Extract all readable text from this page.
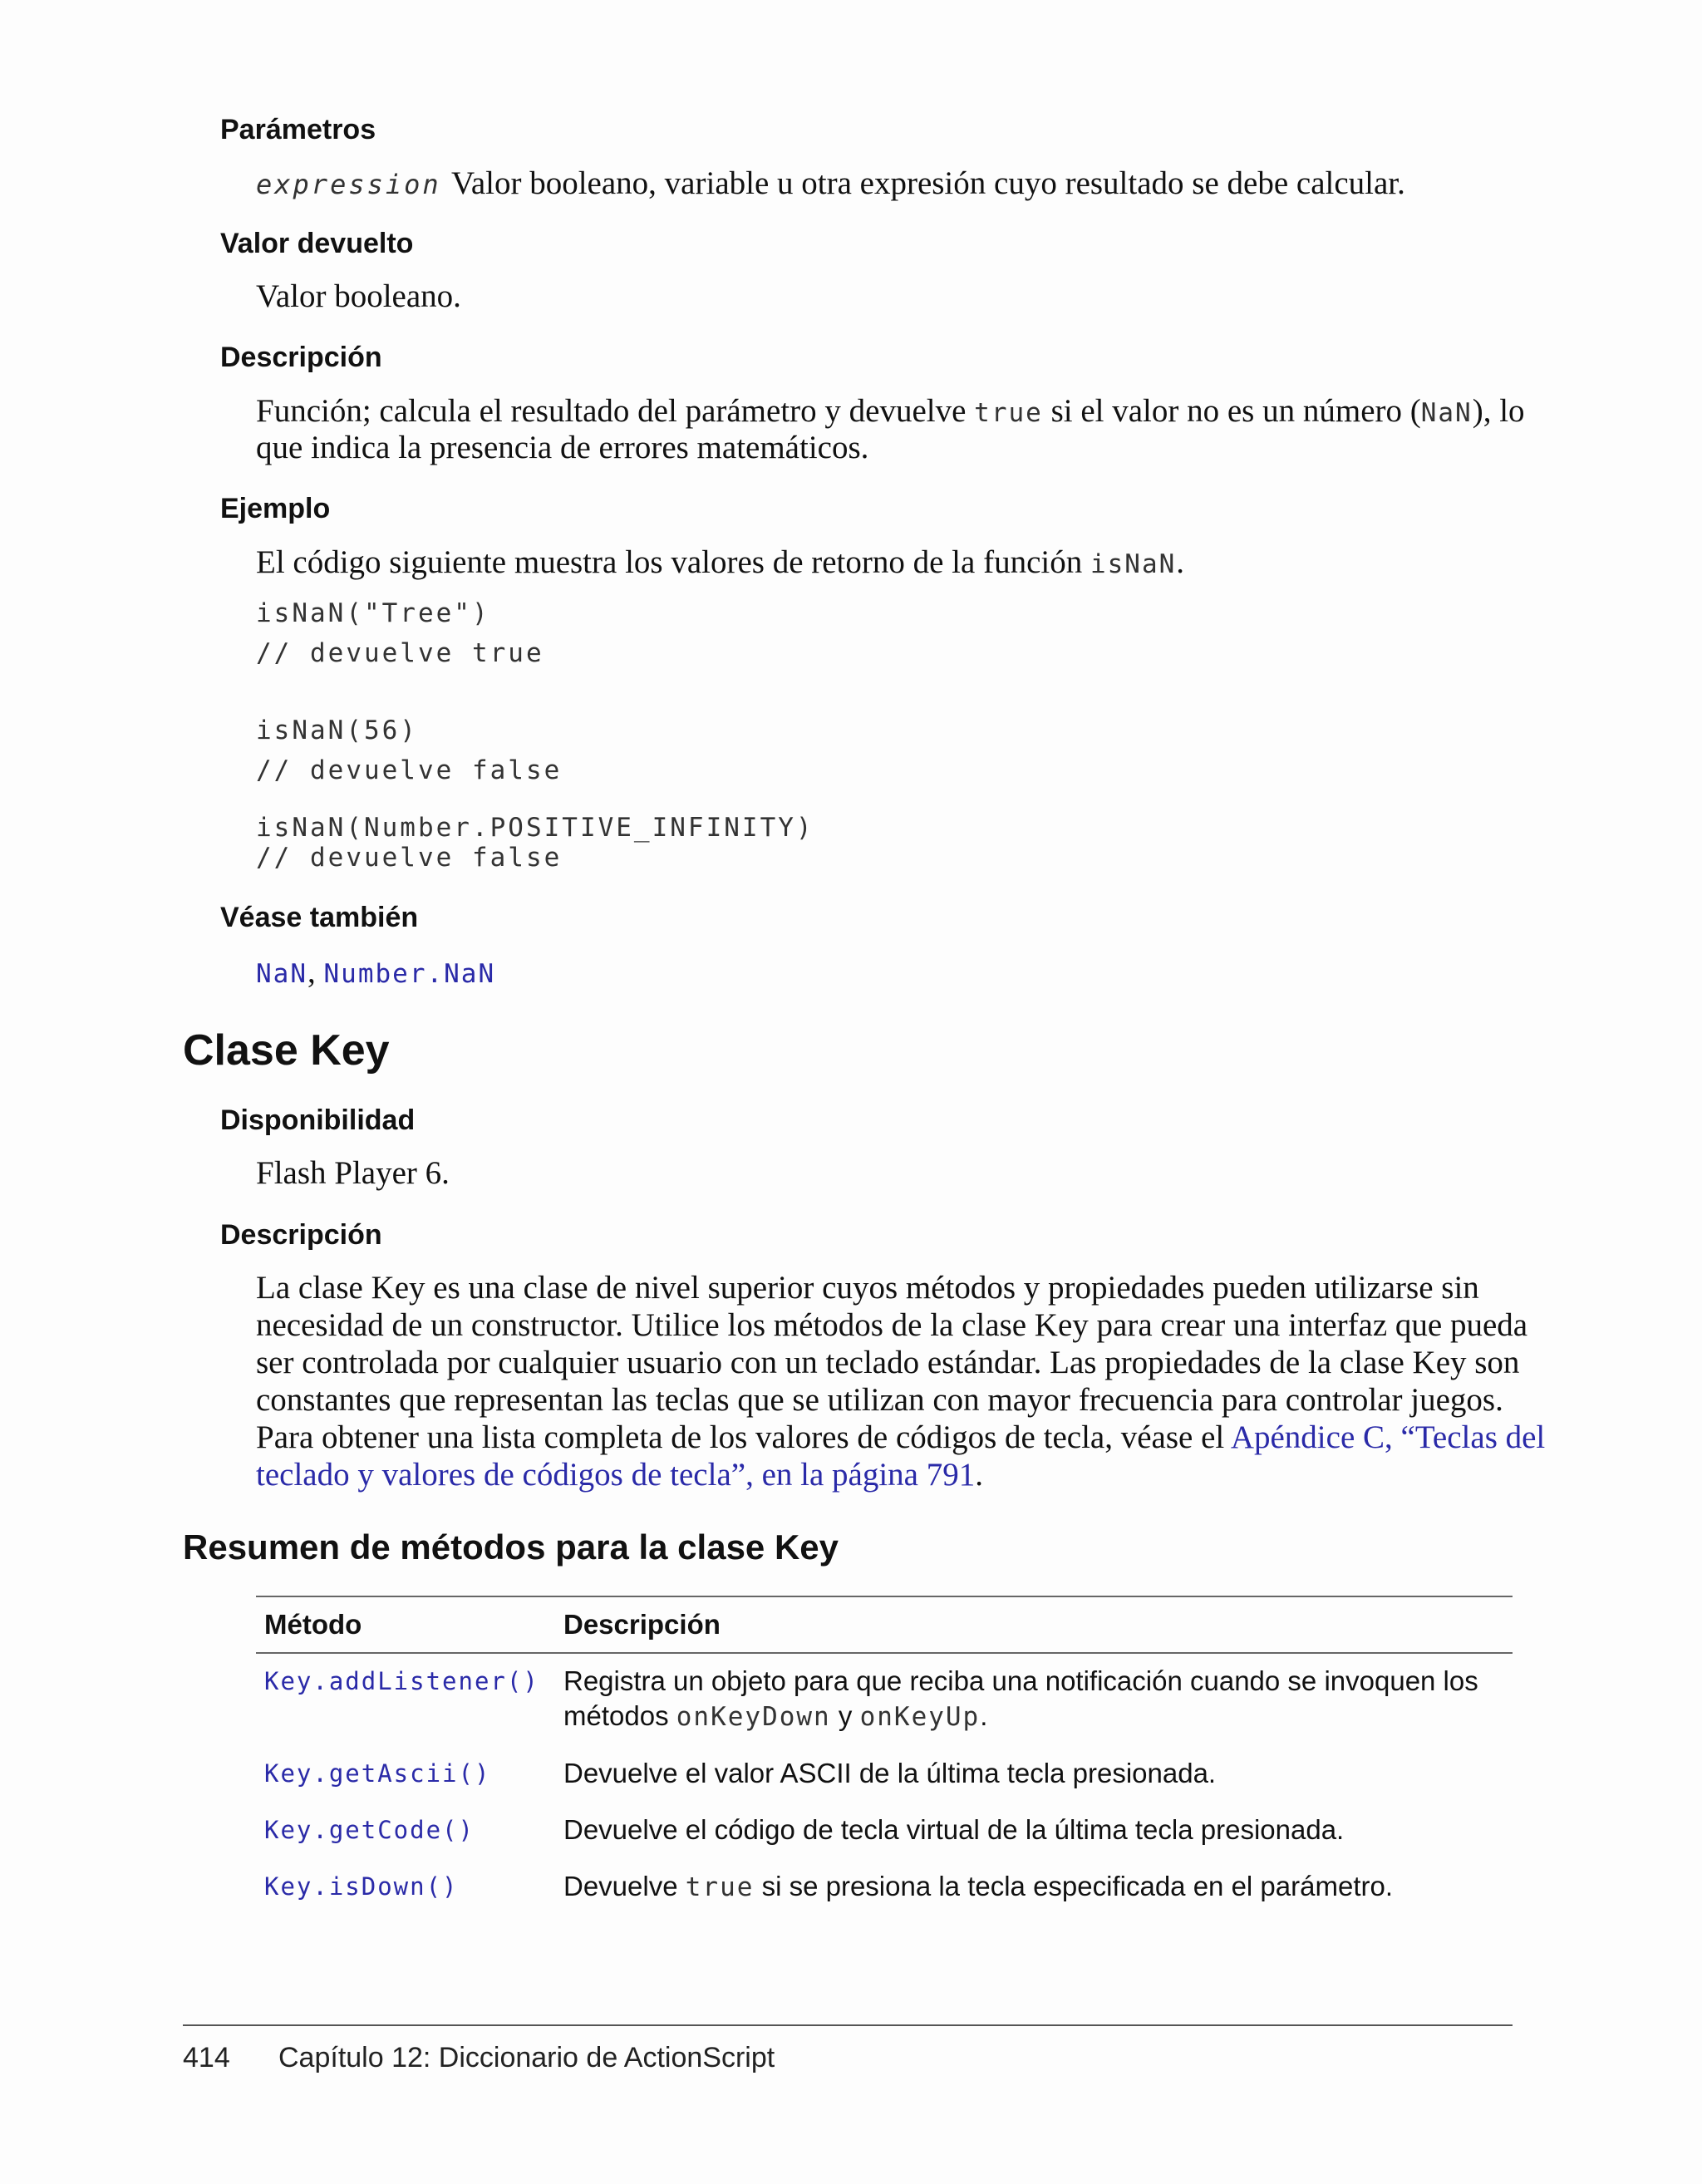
Parámetros
expression Valor booleano, variable u otra expresión cuyo resultado se debe calcular.
Valor devuelto
Valor booleano.
Descripción
Función; calcula el resultado del parámetro y devuelve true si el valor no es un número (NaN), lo
que indica la presencia de errores matemáticos.
Ejemplo
El código siguiente muestra los valores de retorno de la función isNaN.
isNaN("Tree")
// devuelve true
isNaN(56)
// devuelve false
isNaN(Number.POSITIVE_INFINITY)
// devuelve false
Véase también
NaN, Number.NaN
Clase Key
Disponibilidad
Flash Player 6.
Descripción
La clase Key es una clase de nivel superior cuyos métodos y propiedades pueden utilizarse sin
necesidad de un constructor. Utilice los métodos de la clase Key para crear una interfaz que pueda
ser controlada por cualquier usuario con un teclado estándar. Las propiedades de la clase Key son
constantes que representan las teclas que se utilizan con mayor frecuencia para controlar juegos.
Para obtener una lista completa de los valores de códigos de tecla, véase el Apéndice C, “Teclas del
teclado y valores de códigos de tecla”, en la página 791.
Resumen de métodos para la clase Key
Método	Descripción
Key.addListener()	Registra un objeto para que reciba una notificación cuando se invoquen los
métodos onKeyDown y onKeyUp.

Key.getAscii()	Devuelve el valor ASCII de la última tecla presionada.
Key.getCode()	Devuelve el código de tecla virtual de la última tecla presionada.
Key.isDown()	Devuelve true si se presiona la tecla especificada en el parámetro.
414 Capítulo 12: Diccionario de ActionScript
